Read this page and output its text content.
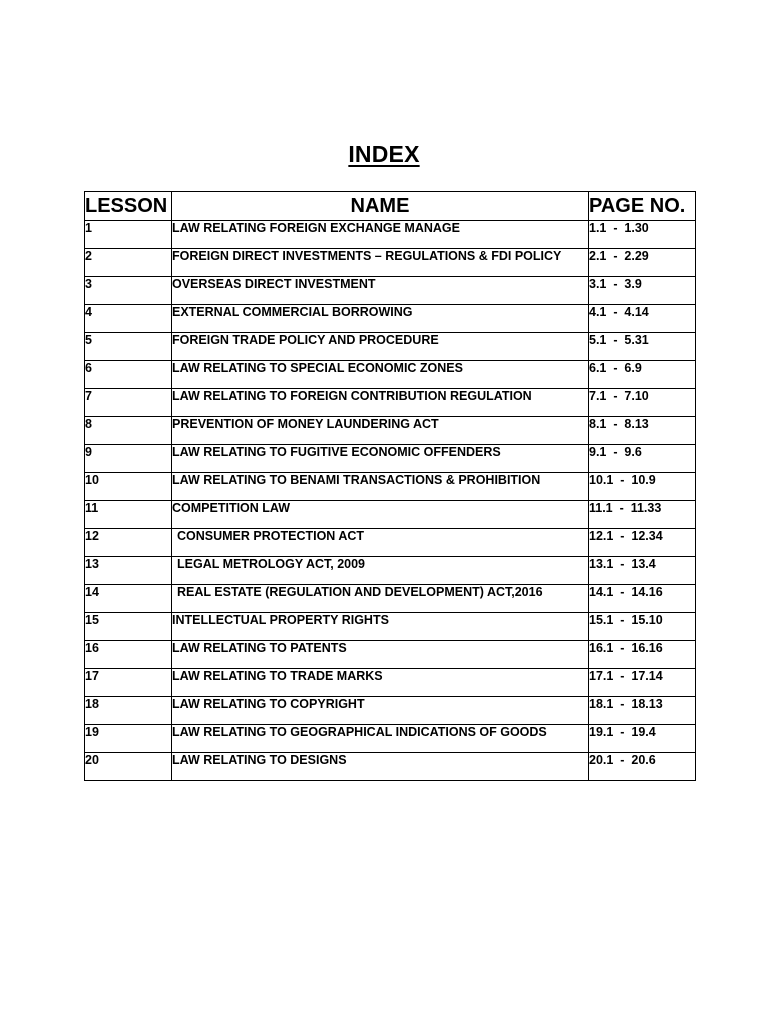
INDEX
LESSON	NAME	PAGE NO.
1	LAW RELATING FOREIGN EXCHANGE MANAGE	1.1  -  1.30
2	FOREIGN DIRECT INVESTMENTS – REGULATIONS & FDI POLICY	2.1  -  2.29
3	OVERSEAS DIRECT INVESTMENT	3.1  -  3.9
4	EXTERNAL COMMERCIAL BORROWING	4.1  -  4.14
5	FOREIGN TRADE POLICY AND PROCEDURE	5.1  -  5.31
6	LAW RELATING TO SPECIAL ECONOMIC ZONES	6.1  -  6.9
7	LAW RELATING TO FOREIGN CONTRIBUTION REGULATION	7.1  -  7.10
8	PREVENTION OF MONEY LAUNDERING ACT	8.1  -  8.13
9	LAW RELATING TO FUGITIVE ECONOMIC OFFENDERS	9.1  -  9.6
10	LAW RELATING TO BENAMI TRANSACTIONS & PROHIBITION	10.1  -  10.9
11	COMPETITION LAW	11.1  -  11.33
12	CONSUMER PROTECTION ACT	12.1  -  12.34
13	LEGAL METROLOGY ACT, 2009	13.1  -  13.4
14	REAL ESTATE (REGULATION AND DEVELOPMENT) ACT,2016	14.1  -  14.16
15	INTELLECTUAL PROPERTY RIGHTS	15.1  -  15.10
16	LAW RELATING TO PATENTS	16.1  -  16.16
17	LAW RELATING TO TRADE MARKS	17.1  -  17.14
18	LAW RELATING TO COPYRIGHT	18.1  -  18.13
19	LAW RELATING TO GEOGRAPHICAL INDICATIONS OF GOODS	19.1  -  19.4
20	LAW RELATING TO DESIGNS	20.1  -  20.6
